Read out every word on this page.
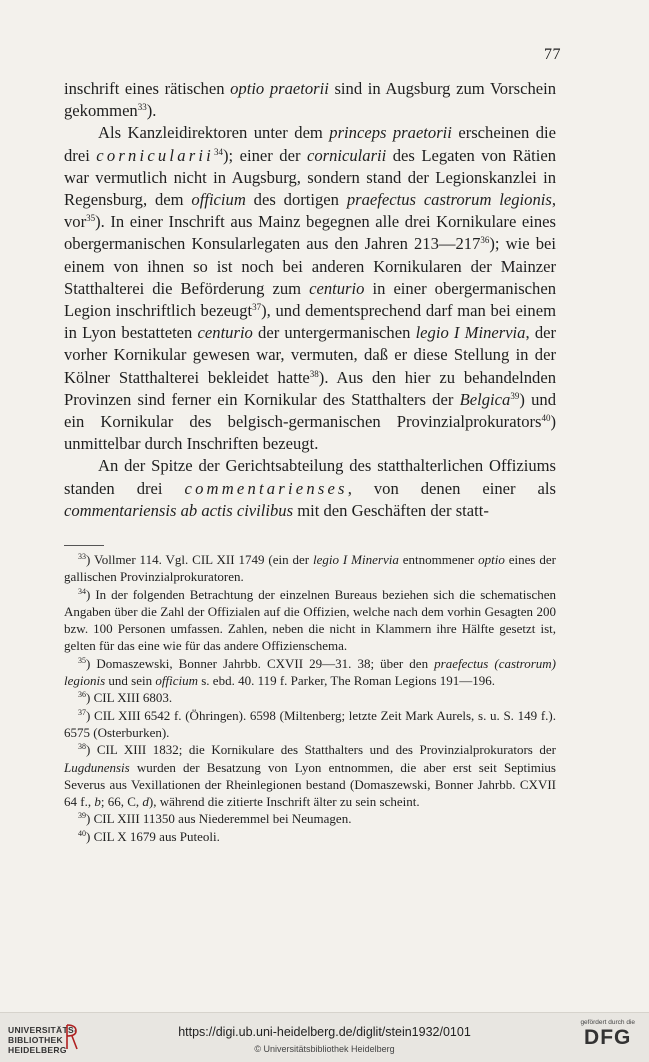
77

inschrift eines rätischen optio praetorii sind in Augsburg zum Vorschein gekommen$^{33}$).

Als Kanzleidirektoren unter dem princeps praetorii erscheinen die drei cornicularii$^{34}$); einer der cornicularii des Legaten von Rätien war vermutlich nicht in Augsburg, sondern stand der Legionskanzlei in Regensburg, dem officium des dortigen praefectus castrorum legionis, vor$^{35}$). In einer Inschrift aus Mainz begegnen alle drei Kornikulare eines obergermanischen Konsularlegaten aus den Jahren $213—217^{36}$); wie bei einem von ihnen so ist noch bei anderen Kornikularen der Mainzer Statthalterei die Beförderung zum centurio in einer obergermanischen Legion inschriftlich bezeugt$^{37}$), und dementsprechend darf man bei einem in Lyon bestatteten centurio der untergermanischen legio I Minervia, der vorher Kornikular gewesen war, vermuten, daß er diese Stellung in der Kölner Statthalterei bekleidet hatte$^{38}$). Aus den hier zu behandelnden Provinzen sind ferner ein Kornikular des Statthalters der Belgica$^{39}$) und ein Kornikular des belgisch-germanischen Provinzialprokurators$^{40}$) unmittelbar durch Inschriften bezeugt.

An der Spitze der Gerichtsabteilung des statthalterlichen Offiziums standen drei commentarienses, von denen einer als commentariensis ab actis civilibus mit den Geschäften der statt-

$^{33}$) Vollmer 114. Vgl. CIL XII 1749 (ein der legio I Minervia entnommener optio eines der gallischen Provinzialprokuratoren.

$^{34}$) In der folgenden Betrachtung der einzelnen Bureaus beziehen sich die schematischen Angaben über die Zahl der Offizialen auf die Offizien, welche nach dem vorhin Gesagten 200 bzw. 100 Personen umfassen. Zahlen, neben die nicht in Klammern ihre Hälfte gesetzt ist, gelten für das eine wie für das andere Offizienschema.

$^{35}$) Domaszewski, Bonner Jahrbb. CXVII 29—31. 38; über den praefectus (castrorum) legionis und sein officium s. ebd. 40. 119 f. Parker, The Roman Legions 191—196.

$^{36}$) CIL XIII 6803.

$^{37}$) CIL XIII 6542 f. (Öhringen). 6598 (Miltenberg; letzte Zeit Mark Aurels, s. u. S. 149 f.). 6575 (Osterburken).

$^{38}$) CIL XIII 1832; die Kornikulare des Statthalters und des Provinzialprokurators der Lugdunensis wurden der Besatzung von Lyon entnommen, die aber erst seit Septimius Severus aus Vexillationen der Rheinlegionen bestand (Domaszewski, Bonner Jahrbb. CXVII 64 f., b; 66, C, d), während die zitierte Inschrift älter zu sein scheint.

$^{39}$) CIL XIII 11350 aus Niederemmel bei Neumagen.

$^{40}$) CIL X 1679 aus Puteoli.

UNIVERSITÄTS-
BIBLIOTHEK
HEIDELBERG
https://digi.ub.uni-heidelberg.de/diglit/stein1932/0101
© Universitätsbibliothek Heidelberg
gefördert durch die
DFG
